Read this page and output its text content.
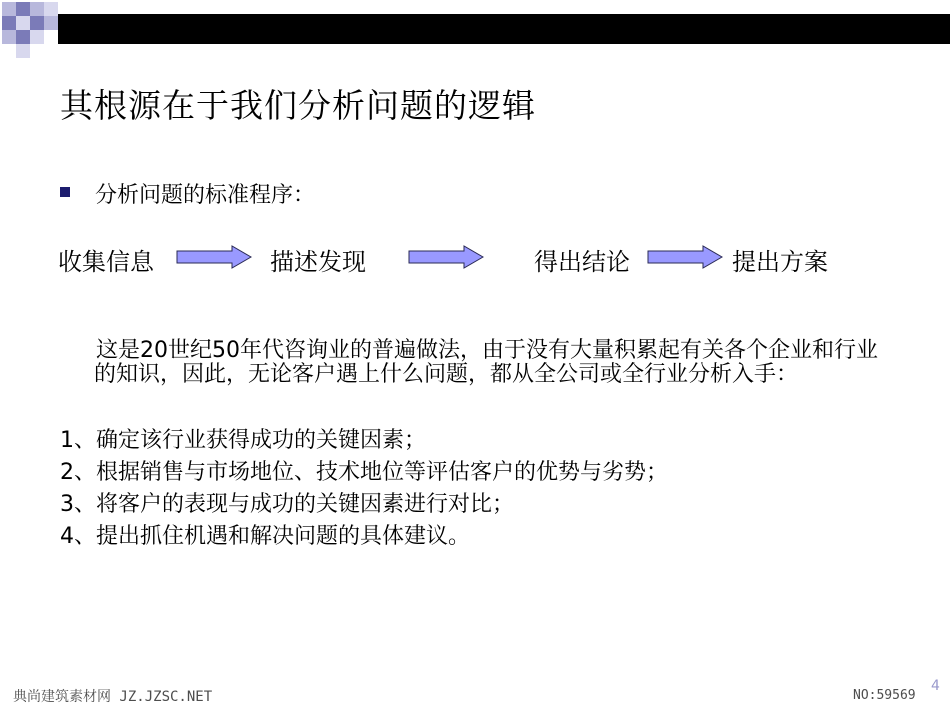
其根源在于我们分析问题的逻辑
分析问题的标准程序：
收集信息	描述发现	得出结论	提出方案
这是20世纪50年代咨询业的普遍做法，由于没有大量积累起有关各个企业和行业的知识，因此，无论客户遇上什么问题，都从全公司或全行业分析入手：
1、确定该行业获得成功的关键因素；
2、根据销售与市场地位、技术地位等评估客户的优势与劣势；
3、将客户的表现与成功的关键因素进行对比；
4、提出抓住机遇和解决问题的具体建议。
典尚建筑素材网 JZ.JZSC.NET	NO:59569
4
